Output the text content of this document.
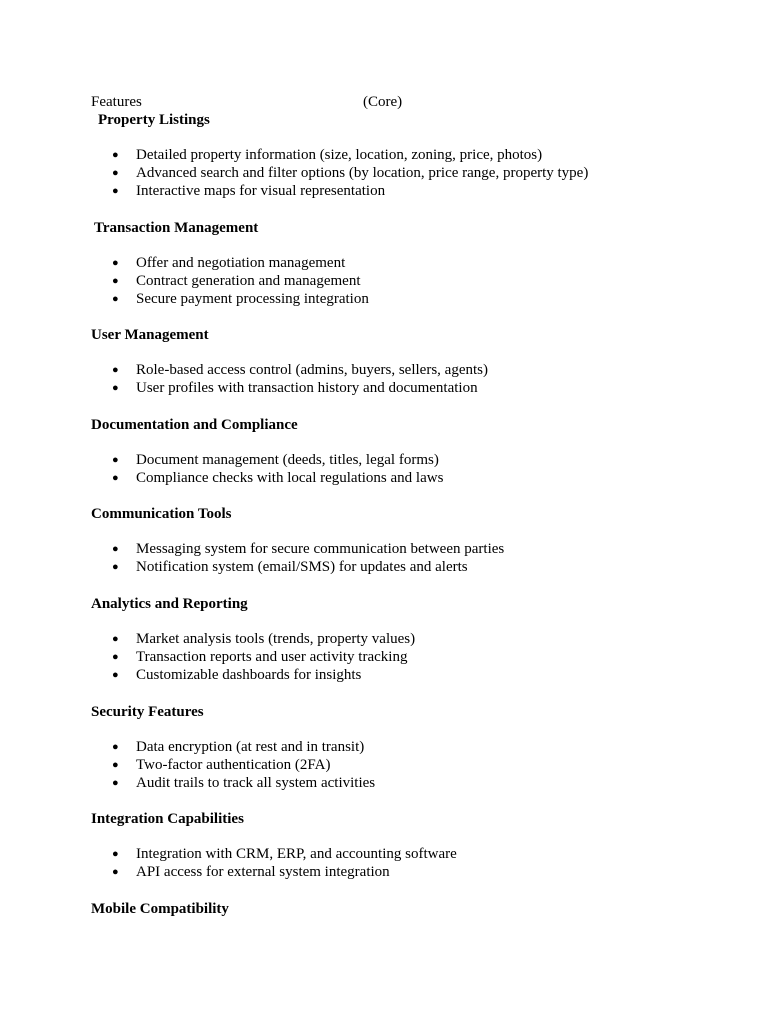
Features	(Core)
Property Listings
● Detailed property information (size, location, zoning, price, photos)
● Advanced search and filter options (by location, price range, property type)
● Interactive maps for visual representation
Transaction Management
● Offer and negotiation management
● Contract generation and management
● Secure payment processing integration
User Management
● Role-based access control (admins, buyers, sellers, agents)
● User profiles with transaction history and documentation
Documentation and Compliance
● Document management (deeds, titles, legal forms)
● Compliance checks with local regulations and laws
Communication Tools
● Messaging system for secure communication between parties
● Notification system (email/SMS) for updates and alerts
Analytics and Reporting
● Market analysis tools (trends, property values)
● Transaction reports and user activity tracking
● Customizable dashboards for insights
Security Features
● Data encryption (at rest and in transit)
● Two-factor authentication (2FA)
● Audit trails to track all system activities
Integration Capabilities
● Integration with CRM, ERP, and accounting software
● API access for external system integration
Mobile Compatibility
